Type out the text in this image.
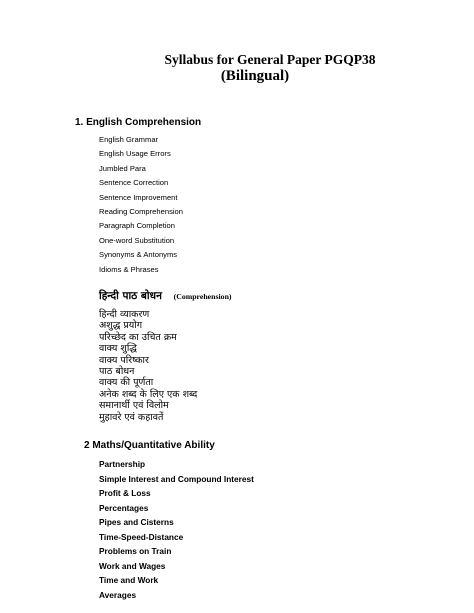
Syllabus for General Paper PGQP38
(Bilingual)
1. English Comprehension
English Grammar
English Usage Errors
Jumbled Para
Sentence Correction
Sentence Improvement
Reading Comprehension
Paragraph Completion
One-word Substitution
Synonyms & Antonyms
Idioms & Phrases
हिन्दी पाठ बोधन (Comprehension)
हिन्दी व्याकरण
अशुद्ध प्रयोग
परिच्छेद का उचित क्रम
वाक्य शुद्धि
वाक्य परिष्कार
पाठ बोधन
वाक्य की पूर्णता
अनेक शब्द के लिए एक शब्द
समानार्थी एवं विलोम
मुहावरे एवं कहावतें
2 Maths/Quantitative Ability
Partnership
Simple Interest and Compound Interest
Profit & Loss
Percentages
Pipes and Cisterns
Time-Speed-Distance
Problems on Train
Work and Wages
Time and Work
Averages
